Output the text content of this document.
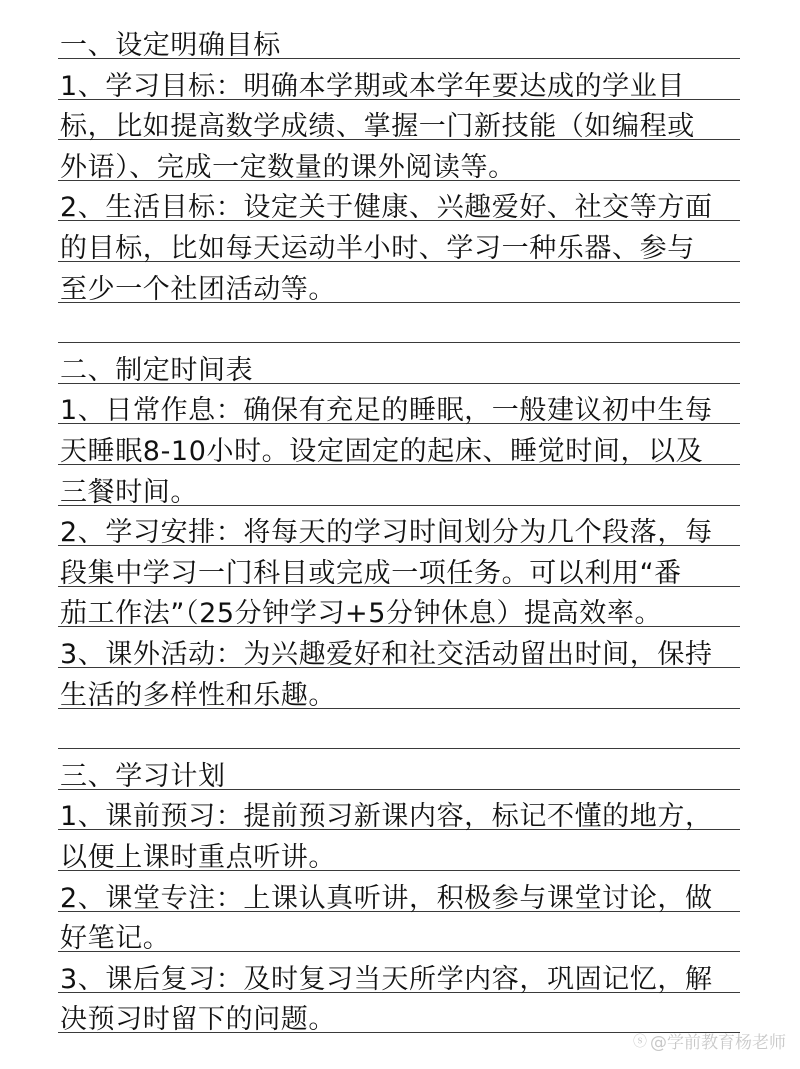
一、设定明确目标
1、学习目标：明确本学期或本学年要达成的学业目
标，比如提高数学成绩、掌握一门新技能（如编程或
外语）、完成一定数量的课外阅读等。
2、生活目标：设定关于健康、兴趣爱好、社交等方面
的目标，比如每天运动半小时、学习一种乐器、参与
至少一个社团活动等。
二、制定时间表
1、日常作息：确保有充足的睡眠，一般建议初中生每
天睡眠8-10小时。设定固定的起床、睡觉时间，以及
三餐时间。
2、学习安排：将每天的学习时间划分为几个段落，每
段集中学习一门科目或完成一项任务。可以利用“番
茄工作法”（25分钟学习+5分钟休息）提高效率。
3、课外活动：为兴趣爱好和社交活动留出时间，保持
生活的多样性和乐趣。
三、学习计划
1、课前预习：提前预习新课内容，标记不懂的地方，
以便上课时重点听讲。
2、课堂专注：上课认真听讲，积极参与课堂讨论，做
好笔记。
3、课后复习：及时复习当天所学内容，巩固记忆，解
决预习时留下的问题。
ⓢ @学前教育杨老师
